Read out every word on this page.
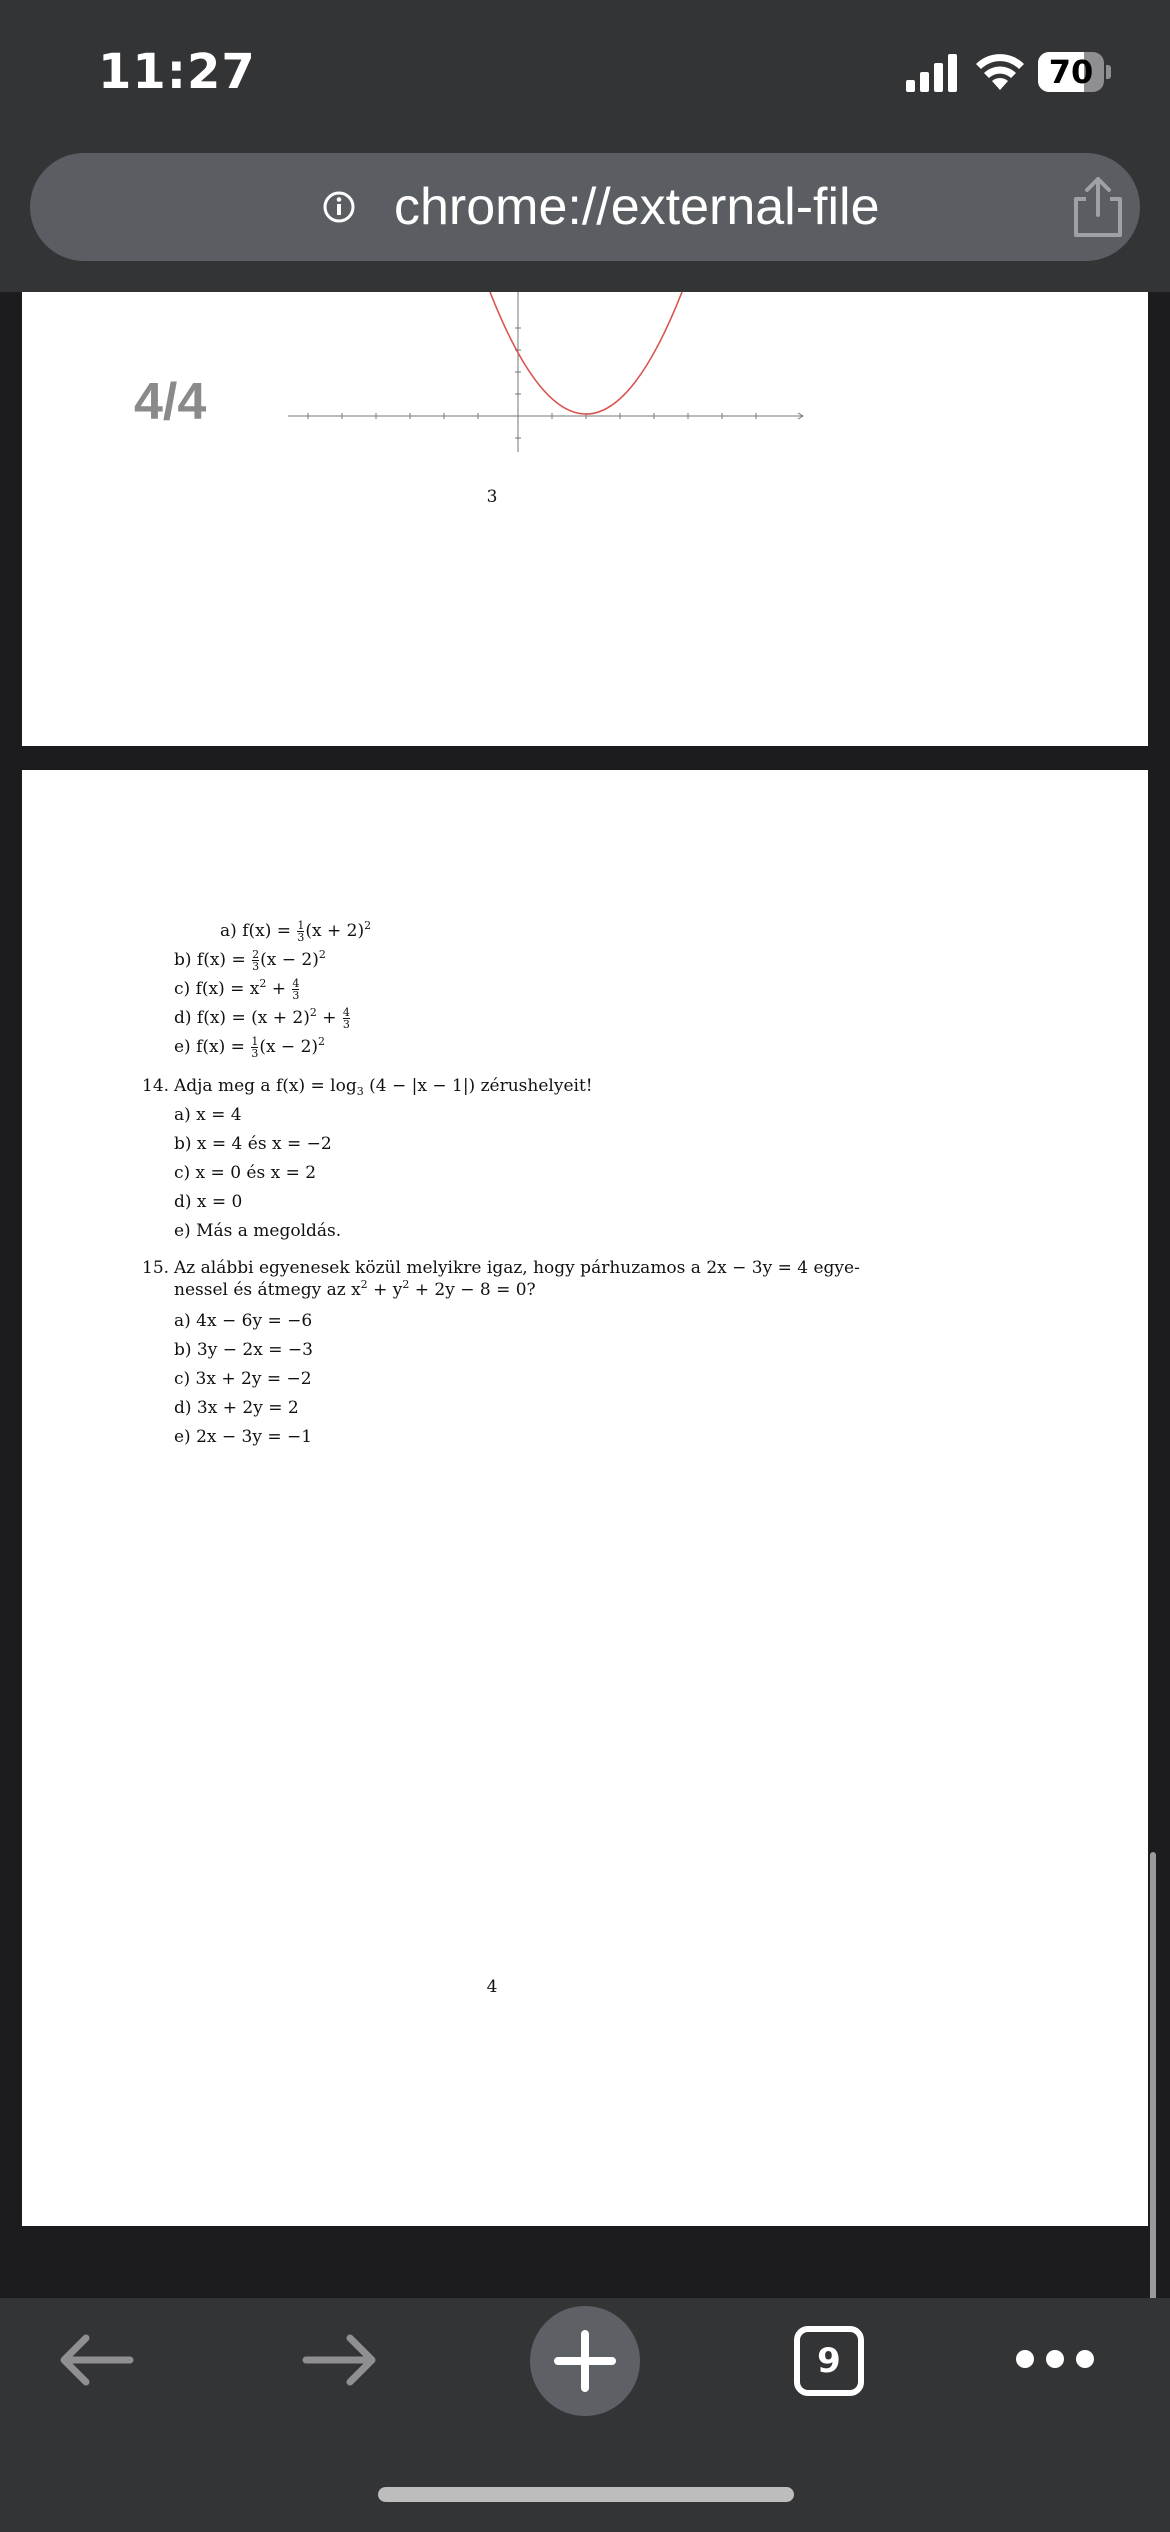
11:27	70
chrome://external-file
3
a) $f(x) = \frac{1}{3} (x + 2)^2$
b) $f(x) = \frac{2}{3} (x - 2)^2$
c) $f(x) = x^2 + \frac{4}{3}$
d) $f(x) = (x + 2)^2 + \frac{4}{3}$
e) $f(x) = \frac{1}{3} (x - 2)^2$
14. Adja meg a $f(x) = \log_3 (4 - |x - 1|)$ zérushelyeit!
a) x = 4
b) x = 4 és x = −2
c) x = 0 és x = 2
d) x = 0
e) Más a megoldás.
15. Az alábbi egyenesek közül melyikre igaz, hogy párhuzamos a 2x − 3y = 4 egye-
nessel és átmegy az $x^2 + y^2 + 2y - 8 = 0$?
a) 4x − 6y = −6
b) 3y − 2x = −3
c) 3x + 2y = −2
d) 3x + 2y = 2
e) 2x − 3y = −1
4
4/4
9
